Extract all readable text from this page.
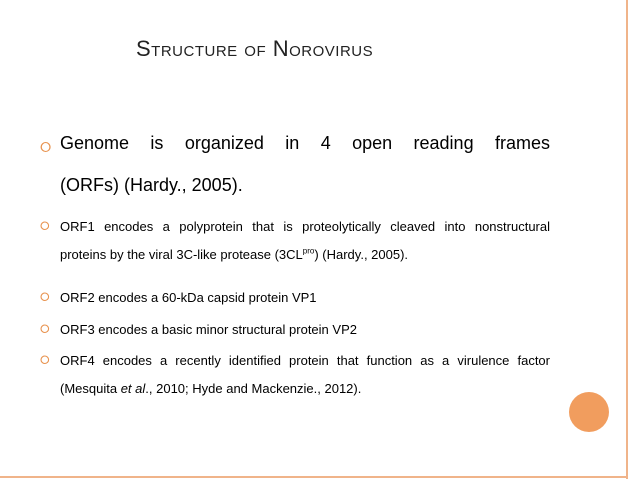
Structure of Norovirus
⭘ Genome is organized in 4 open reading frames
(ORFs) (Hardy., 2005).
⭘ ORF1 encodes a polyprotein that is proteolytically cleaved into nonstructural
proteins by the viral 3C-like protease $(3CL^{pro})$ (Hardy., 2005).
⭘ ORF2 encodes a 60-kDa capsid protein VP1
⭘ ORF3 encodes a basic minor structural protein VP2
⭘ ORF4 encodes a recently identified protein that function as a virulence factor
(Mesquita et al., 2010; Hyde and Mackenzie., 2012).
